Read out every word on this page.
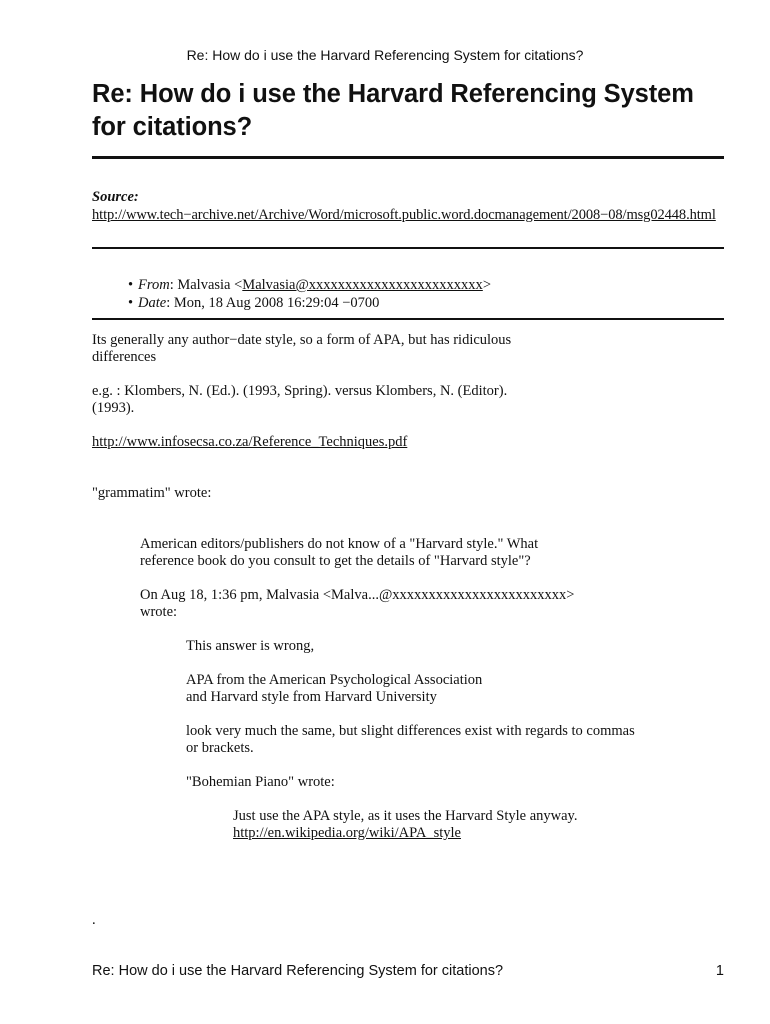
Re: How do i use the Harvard Referencing System for citations?
Re: How do i use the Harvard Referencing System
for citations?
Source:
http://www.tech−archive.net/Archive/Word/microsoft.public.word.docmanagement/2008−08/msg02448.html
• From: Malvasia <Malvasia@xxxxxxxxxxxxxxxxxxxxxxxx>
• Date: Mon, 18 Aug 2008 16:29:04 −0700
Its generally any author−date style, so a form of APA, but has ridiculous
differences
e.g. : Klombers, N. (Ed.). (1993, Spring). versus Klombers, N. (Editor).
(1993).
http://www.infosecsa.co.za/Reference_Techniques.pdf
"grammatim" wrote:
American editors/publishers do not know of a "Harvard style." What
reference book do you consult to get the details of "Harvard style"?
On Aug 18, 1:36 pm, Malvasia <Malva...@xxxxxxxxxxxxxxxxxxxxxxxx>
wrote:
This answer is wrong,
APA from the American Psychological Association
and Harvard style from Harvard University
look very much the same, but slight differences exist with regards to commas
or brackets.
"Bohemian Piano" wrote:
Just use the APA style, as it uses the Harvard Style anyway.
http://en.wikipedia.org/wiki/APA_style
.
Re: How do i use the Harvard Referencing System for citations?	1
